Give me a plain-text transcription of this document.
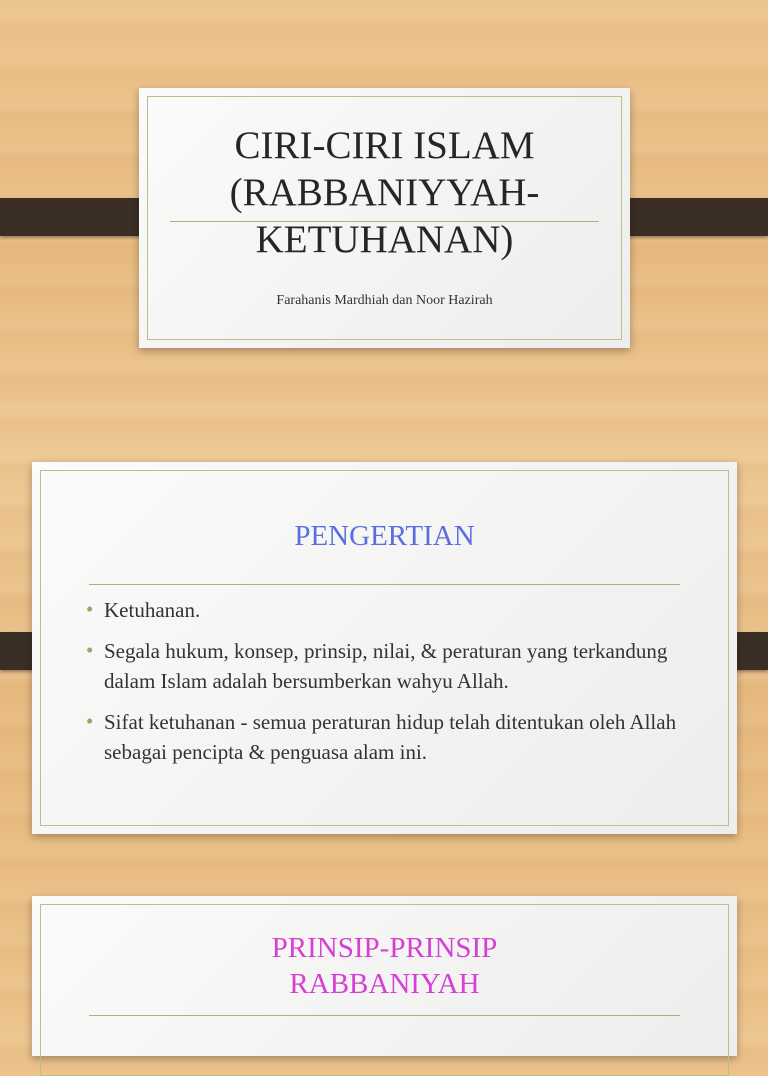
CIRI-CIRI ISLAM
(RABBANIYYAH-
KETUHANAN)
Farahanis Mardhiah dan Noor Hazirah
PENGERTIAN
• Ketuhanan.
• Segala hukum, konsep, prinsip, nilai, & peraturan yang terkandung dalam Islam adalah bersumberkan wahyu Allah.
• Sifat ketuhanan - semua peraturan hidup telah ditentukan oleh Allah sebagai pencipta & penguasa alam ini.
PRINSIP-PRINSIP
RABBANIYAH
